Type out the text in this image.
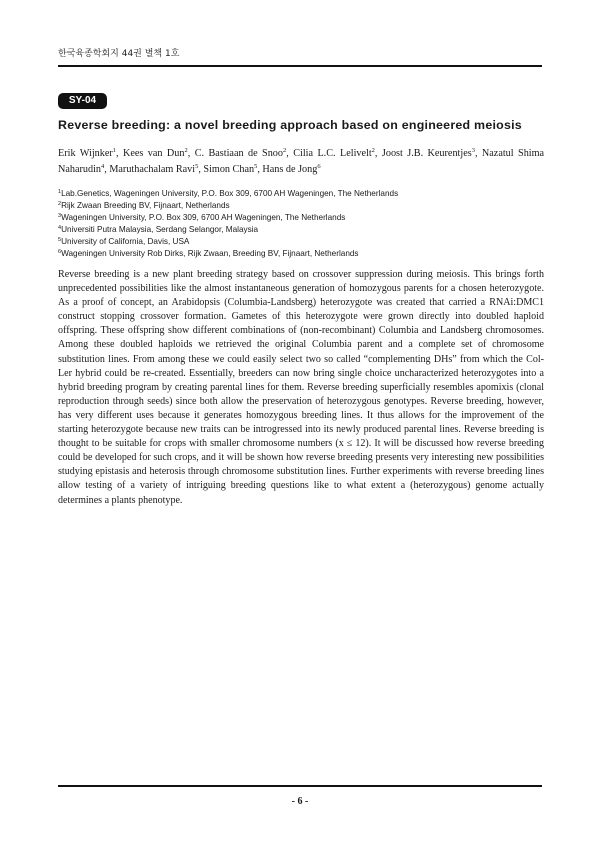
한국육종학회지 44권 별책 1호
SY-04
Reverse breeding: a novel breeding approach based on engineered meiosis

Erik Wijnker$^1$, Kees van Dun$^2$, C. Bastiaan de Snoo$^2$, Cilia L.C. Lelivelt$^2$, Joost J.B. Keurentjes$^3$, Nazatul Shima Naharudin$^4$, Maruthachalam Ravi$^5$, Simon Chan$^5$, Hans de Jong$^6$

$^1$Lab.Genetics, Wageningen University, P.O. Box 309, 6700 AH Wageningen, The Netherlands
$^2$Rijk Zwaan Breeding BV, Fijnaart, Netherlands
$^3$Wageningen University, P.O. Box 309, 6700 AH Wageningen, The Netherlands
$^4$Universiti Putra Malaysia, Serdang Selangor, Malaysia
$^5$University of California, Davis, USA
$^6$Wageningen University Rob Dirks, Rijk Zwaan, Breeding BV, Fijnaart, Netherlands

Reverse breeding is a new plant breeding strategy based on crossover suppression during meiosis. This brings forth unprecedented possibilities like the almost instantaneous generation of homozygous parents for a chosen heterozygote. As a proof of concept, an Arabidopsis (Columbia-Landsberg) heterozygote was created that carried a RNAi:DMC1 construct stopping crossover formation. Gametes of this heterozygote were grown directly into doubled haploid offspring. These offspring show different combinations of (non-recombinant) Columbia and Landsberg chromosomes. Among these doubled haploids we retrieved the original Columbia parent and a complete set of chromosome substitution lines. From among these we could easily select two so called “complementing DHs” from which the Col-Ler hybrid could be re-created. Essentially, breeders can now bring single choice uncharacterized heterozygotes into a hybrid breeding program by creating parental lines for them. Reverse breeding superficially resembles apomixis (clonal reproduction through seeds) since both allow the preservation of heterozygous genotypes. Reverse breeding, however, has very different uses because it generates homozygous breeding lines. It thus allows for the improvement of the starting heterozygote because new traits can be introgressed into its newly produced parental lines. Reverse breeding is thought to be suitable for crops with smaller chromosome numbers (x ≤ 12). It will be discussed how reverse breeding could be developed for such crops, and it will be shown how reverse breeding presents very interesting new possibilities studying epistasis and heterosis through chromosome substitution lines. Further experiments with reverse breeding lines allow testing of a variety of intriguing breeding questions like to what extent a (heterozygous) genome actually determines a plants phenotype.

- 6 -
